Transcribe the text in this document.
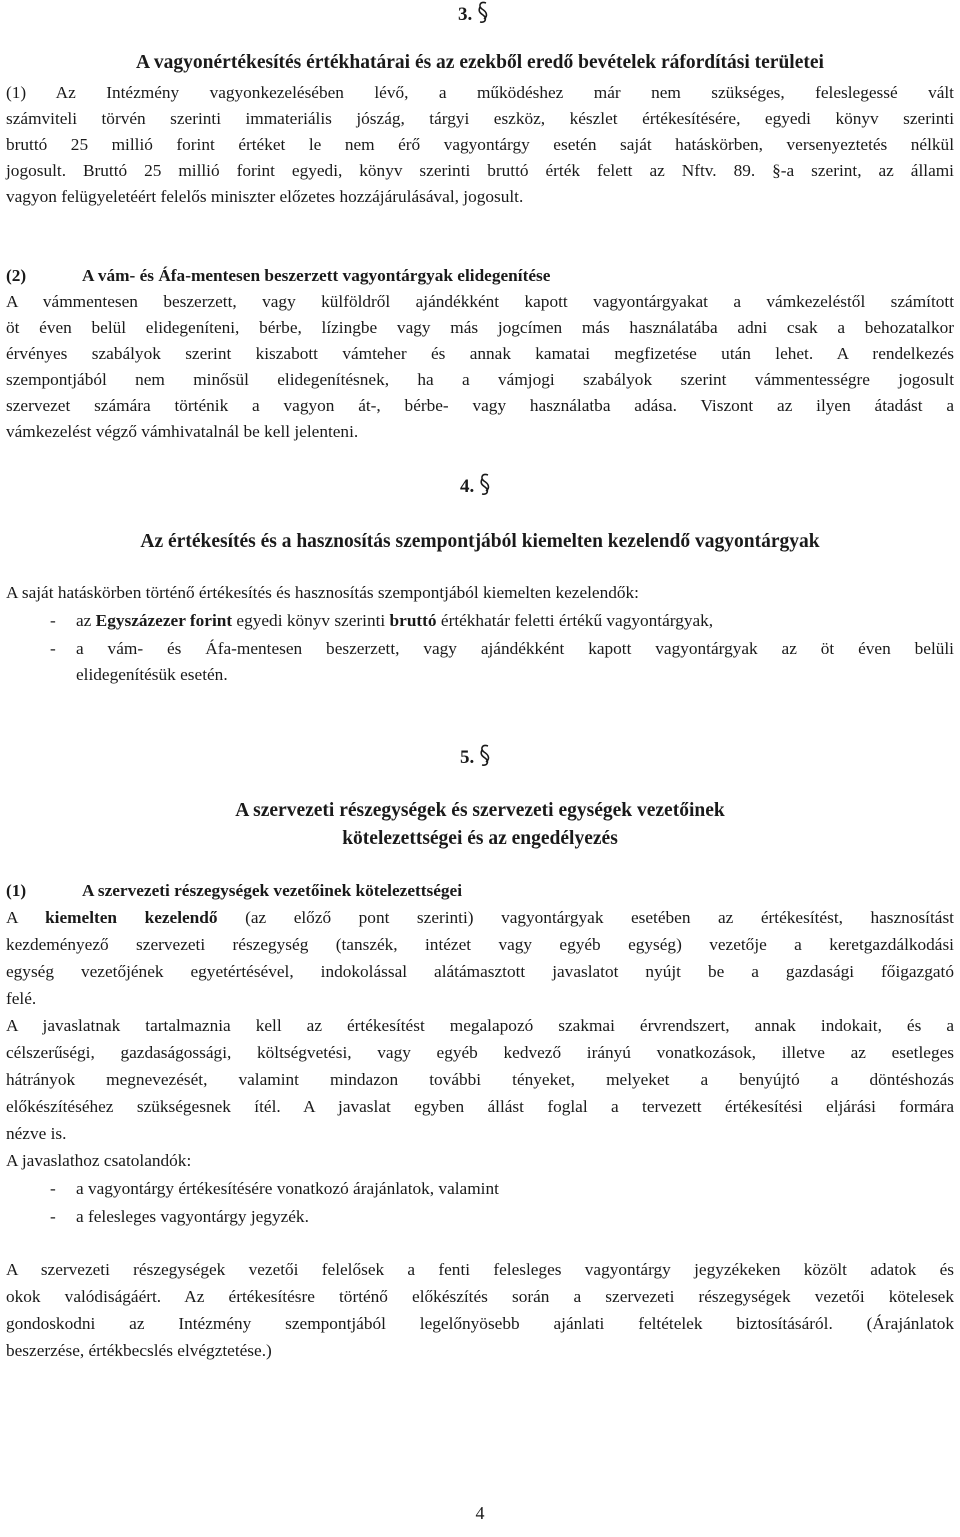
3.
A vagyonértékesítés értékhatárai és az ezekből eredő bevételek ráfordítási területei
(1) Az Intézmény vagyonkezelésében lévő, a működéshez már nem szükséges, feleslegessé vált
számviteli törvén szerinti immateriális jószág, tárgyi eszköz, készlet értékesítésére, egyedi könyv szerinti
bruttó 25 millió forint értéket le nem érő vagyontárgy esetén saját hatáskörben, versenyeztetés nélkül
jogosult. Bruttó 25 millió forint egyedi, könyv szerinti bruttó érték felett az Nftv. 89. §-a szerint, az állami
vagyon felügyeletéért felelős miniszter előzetes hozzájárulásával, jogosult.
(2)	A vám- és Áfa-mentesen beszerzett vagyontárgyak elidegenítése
A vámmentesen beszerzett, vagy külföldről ajándékként kapott vagyontárgyakat a vámkezeléstől számított
öt éven belül elidegeníteni, bérbe, lízingbe vagy más jogcímen más használatába adni csak a behozatalkor
érvényes szabályok szerint kiszabott vámteher és annak kamatai megfizetése után lehet. A rendelkezés
szempontjából nem minősül elidegenítésnek, ha a vámjogi szabályok szerint vámmentességre jogosult
szervezet számára történik a vagyon át-, bérbe- vagy használatba adása. Viszont az ilyen átadást a
vámkezelést végző vámhivatalnál be kell jelenteni.
4.
Az értékesítés és a hasznosítás szempontjából kiemelten kezelendő vagyontárgyak
A saját hatáskörben történő értékesítés és hasznosítás szempontjából kiemelten kezelendők:
- az Egyszázezer forint egyedi könyv szerinti bruttó értékhatár feletti értékű vagyontárgyak,
-	a vám- és Áfa-mentesen beszerzett, vagy ajándékként kapott vagyontárgyak az öt éven belüli
elidegenítésük esetén.
5.
A szervezeti részegységek és szervezeti egységek vezetőinek
kötelezettségei és az engedélyezés
(1)	A szervezeti részegységek vezetőinek kötelezettségei
A kiemelten kezelendő (az előző pont szerinti) vagyontárgyak esetében az értékesítést, hasznosítást
kezdeményező szervezeti részegység (tanszék, intézet vagy egyéb egység) vezetője a keretgazdálkodási
egység vezetőjének egyetértésével, indokolással alátámasztott javaslatot nyújt be a gazdasági főigazgató
felé.
A javaslatnak tartalmaznia kell az értékesítést megalapozó szakmai érvrendszert, annak indokait, és a
célszerűségi, gazdaságossági, költségvetési, vagy egyéb kedvező irányú vonatkozások, illetve az esetleges
hátrányok megnevezését, valamint mindazon további tényeket, melyeket a benyújtó a döntéshozás
előkészítéséhez szükségesnek ítél. A javaslat egyben állást foglal a tervezett értékesítési eljárási formára
nézve is.
A javaslathoz csatolandók:
- a vagyontárgy értékesítésére vonatkozó árajánlatok, valamint
- a felesleges vagyontárgy jegyzék.
A szervezeti részegységek vezetői felelősek a fenti felesleges vagyontárgy jegyzékeken közölt adatok és
okok valódiságáért. Az értékesítésre történő előkészítés során a szervezeti részegységek vezetői kötelesek
gondoskodni az Intézmény szempontjából legelőnyösebb ajánlati feltételek biztosításáról. (Árajánlatok
beszerzése, értékbecslés elvégztetése.)
4
